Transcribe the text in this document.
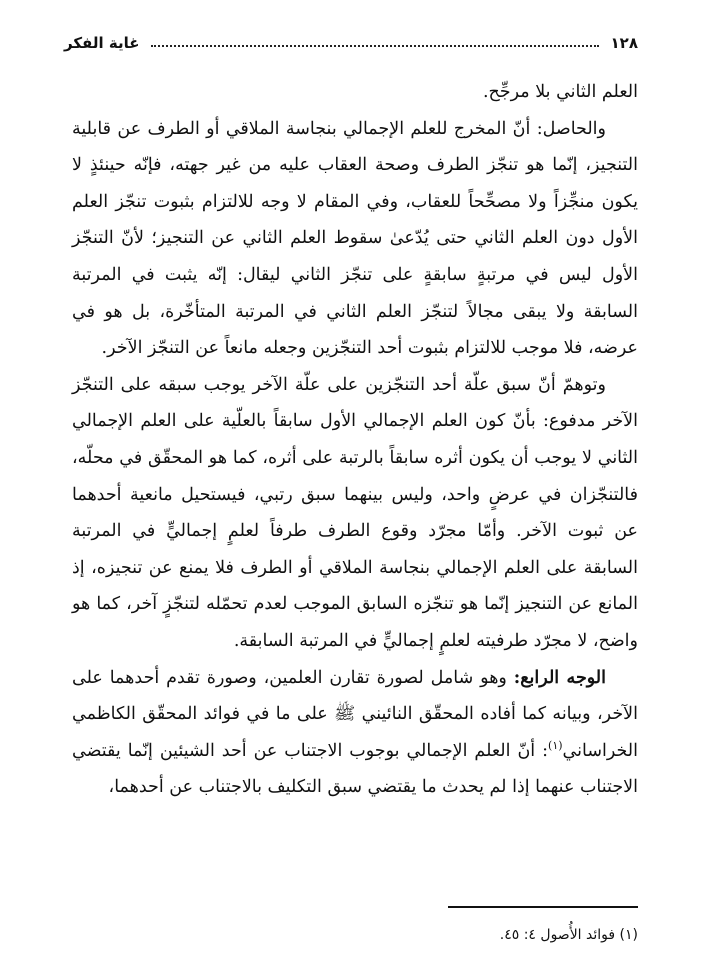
١٢٨
غاية الفكر

العلم الثاني بلا مرجِّح.

والحاصل: أنّ المخرج للعلم الإجمالي بنجاسة الملاقي أو الطرف عن قابلية التنجيز، إنّما هو تنجّز الطرف وصحة العقاب عليه من غير جهته، فإنّه حينئذٍ لا يكون منجِّزاً ولا مصحِّحاً للعقاب، وفي المقام لا وجه للالتزام بثبوت تنجّز العلم الأول دون العلم الثاني حتى يُدّعىٰ سقوط العلم الثاني عن التنجيز؛ لأنّ التنجّز الأول ليس في مرتبةٍ سابقةٍ على تنجّز الثاني ليقال: إنّه يثبت في المرتبة السابقة ولا يبقى مجالاً لتنجّز العلم الثاني في المرتبة المتأخّرة، بل هو في عرضه، فلا موجب للالتزام بثبوت أحد التنجّزين وجعله مانعاً عن التنجّز الآخر.

وتوهمّ أنّ سبق علّة أحد التنجّزين على علّة الآخر يوجب سبقه على التنجّز الآخر مدفوع: بأنّ كون العلم الإجمالي الأول سابقاً بالعلّية على العلم الإجمالي الثاني لا يوجب أن يكون أثره سابقاً بالرتبة على أثره، كما هو المحقّق في محلّه، فالتنجّزان في عرضٍ واحد، وليس بينهما سبق رتبي، فيستحيل مانعية أحدهما عن ثبوت الآخر. وأمّا مجرّد وقوع الطرف طرفاً لعلمٍ إجماليٍّ في المرتبة السابقة على العلم الإجمالي بنجاسة الملاقي أو الطرف فلا يمنع عن تنجيزه، إذ المانع عن التنجيز إنّما هو تنجّزه السابق الموجب لعدم تحمّله لتنجّزٍ آخر، كما هو واضح، لا مجرّد طرفيته لعلمٍ إجماليٍّ في المرتبة السابقة.

الوجه الرابع: وهو شامل لصورة تقارن العلمين، وصورة تقدم أحدهما على الآخر، وبيانه كما أفاده المحقّق النائيني ﷺ على ما في فوائد المحقّق الكاظمي الخراساني$^{(١)}$: أنّ العلم الإجمالي بوجوب الاجتناب عن أحد الشيئين إنّما يقتضي الاجتناب عنهما إذا لم يحدث ما يقتضي سبق التكليف بالاجتناب عن أحدهما،

(١) فوائد الأُصول ٤: ٤٥.
